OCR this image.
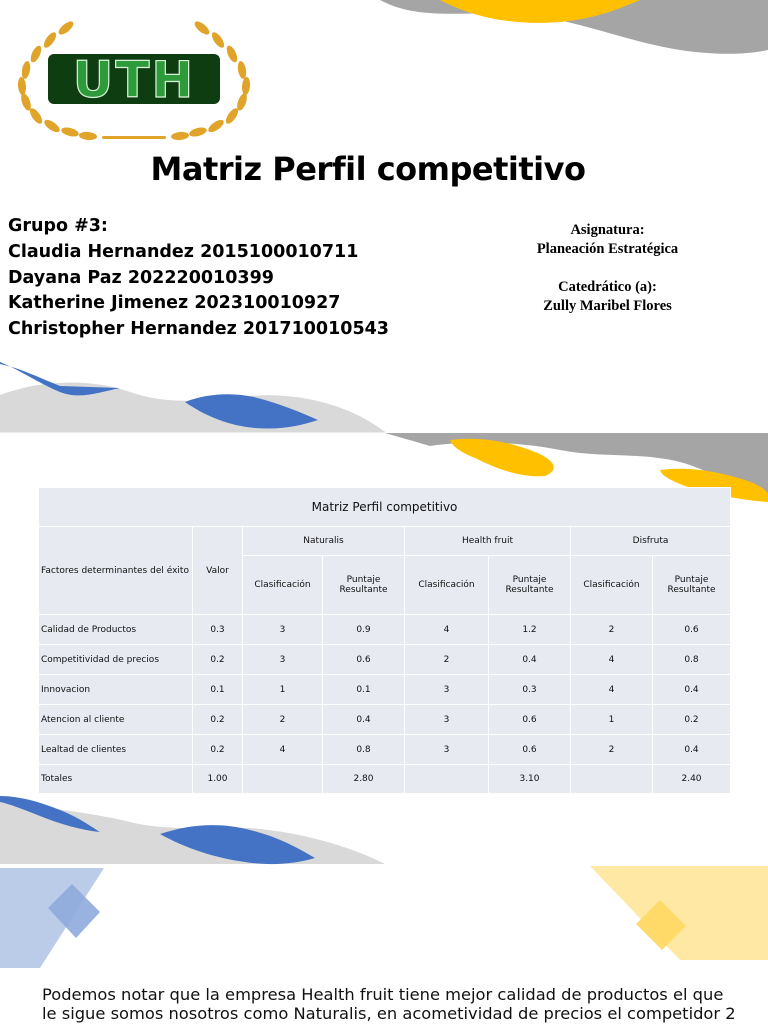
UTH
Matriz Perfil competitivo
Grupo #3:
Claudia Hernandez 2015100010711
Dayana Paz 202220010399
Katherine Jimenez 202310010927
Christopher Hernandez 201710010543
Asignatura:
Planeación Estratégica
Catedrático (a):
Zully Maribel Flores
Matriz Perfil competitivo							
Factores determinantes del éxito	Valor	Naturalis		Health fruit		Disfruta	
		Clasificación	Puntaje Resultante	Clasificación	Puntaje Resultante	Clasificación	Puntaje Resultante
Calidad de Productos	0.3	3	0.9	4	1.2	2	0.6
Competitividad de precios	0.2	3	0.6	2	0.4	4	0.8
Innovacion	0.1	1	0.1	3	0.3	4	0.4
Atencion al cliente	0.2	2	0.4	3	0.6	1	0.2
Lealtad de clientes	0.2	4	0.8	3	0.6	2	0.4
Totales	1.00		2.80		3.10		2.40
Podemos notar que la empresa Health fruit tiene mejor calidad de productos el que
le sigue somos nosotros como Naturalis, en acometividad de precios el competidor 2
